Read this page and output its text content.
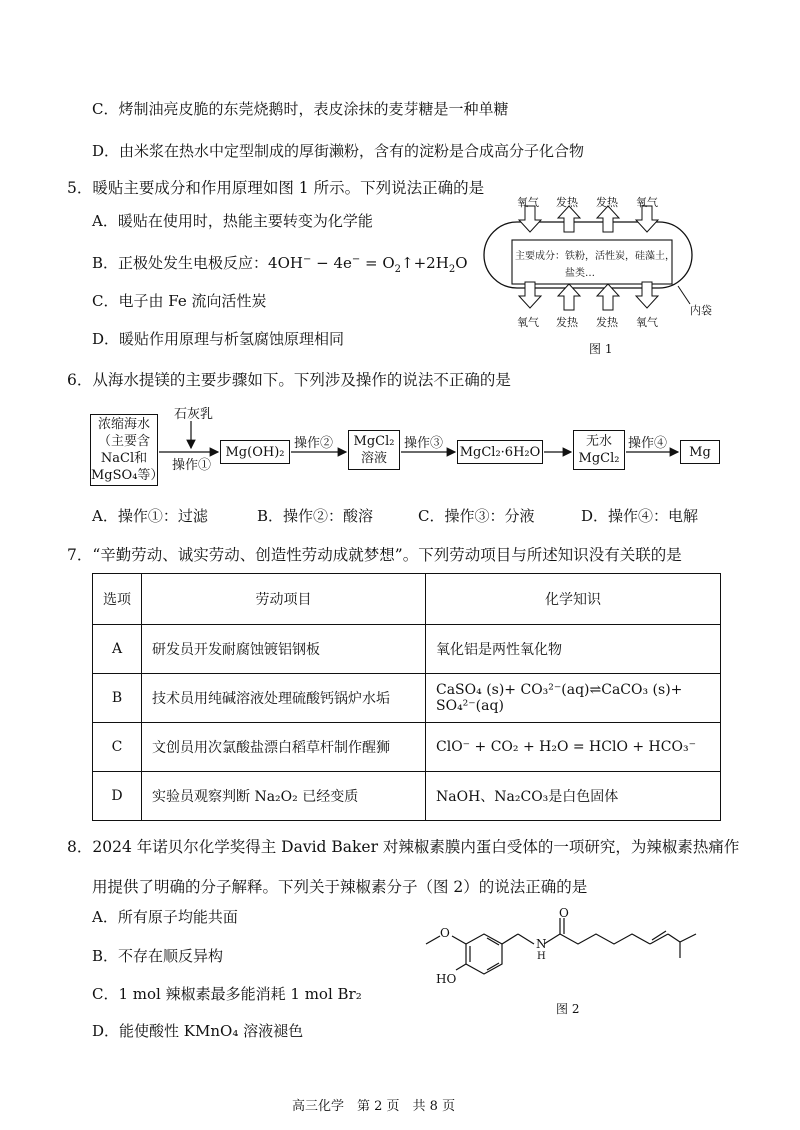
C．烤制油亮皮脆的东莞烧鹅时，表皮涂抹的麦芽糖是一种单糖
D．由米浆在热水中定型制成的厚街濑粉，含有的淀粉是合成高分子化合物
5．暖贴主要成分和作用原理如图 1 所示。下列说法正确的是
A．暖贴在使用时，热能主要转变为化学能
B．正极处发生电极反应：$4OH^- - 4e^- = O_2↑+2H_2O$
C．电子由 Fe 流向活性炭
D．暖贴作用原理与析氢腐蚀原理相同
氧气 发热 发热 氧气
主要成分：铁粉，活性炭，硅藻土，
盐类…
氧气 发热 发热 氧气
内袋
图 1
6．从海水提镁的主要步骤如下。下列涉及操作的说法不正确的是
浓缩海水
（主要含
NaCl和
MgSO₄等）
石灰乳
操作①
Mg(OH)₂
操作② MgCl₂
溶液
操作③
MgCl₂·6H₂O
无水
MgCl₂
操作④
Mg
A．操作①：过滤	B．操作②：酸溶	C．操作③：分液	D．操作④：电解
7．“辛勤劳动、诚实劳动、创造性劳动成就梦想”。下列劳动项目与所述知识没有关联的是
选项	劳动项目	化学知识
A	研发员开发耐腐蚀镀铝钢板	氧化铝是两性氧化物
B	技术员用纯碱溶液处理硫酸钙锅炉水垢	CaSO₄ (s)+ CO₃²⁻(aq)⇌CaCO₃ (s)+ SO₄²⁻(aq)
C	文创员用次氯酸盐漂白稻草杆制作醒狮	ClO⁻ + CO₂ + H₂O = HClO + HCO₃⁻
D	实验员观察判断 Na₂O₂ 已经变质	NaOH、Na₂CO₃是白色固体
8．2024 年诺贝尔化学奖得主 David Baker 对辣椒素膜内蛋白受体的一项研究，为辣椒素热痛作
用提供了明确的分子解释。下列关于辣椒素分子（图 2）的说法正确的是
A．所有原子均能共面
B．不存在顺反异构
C．1 mol 辣椒素最多能消耗 1 mol Br₂
D．能使酸性 KMnO₄ 溶液褪色
O
HO
N
H
O
图 2
高三化学　第 2 页　共 8 页
